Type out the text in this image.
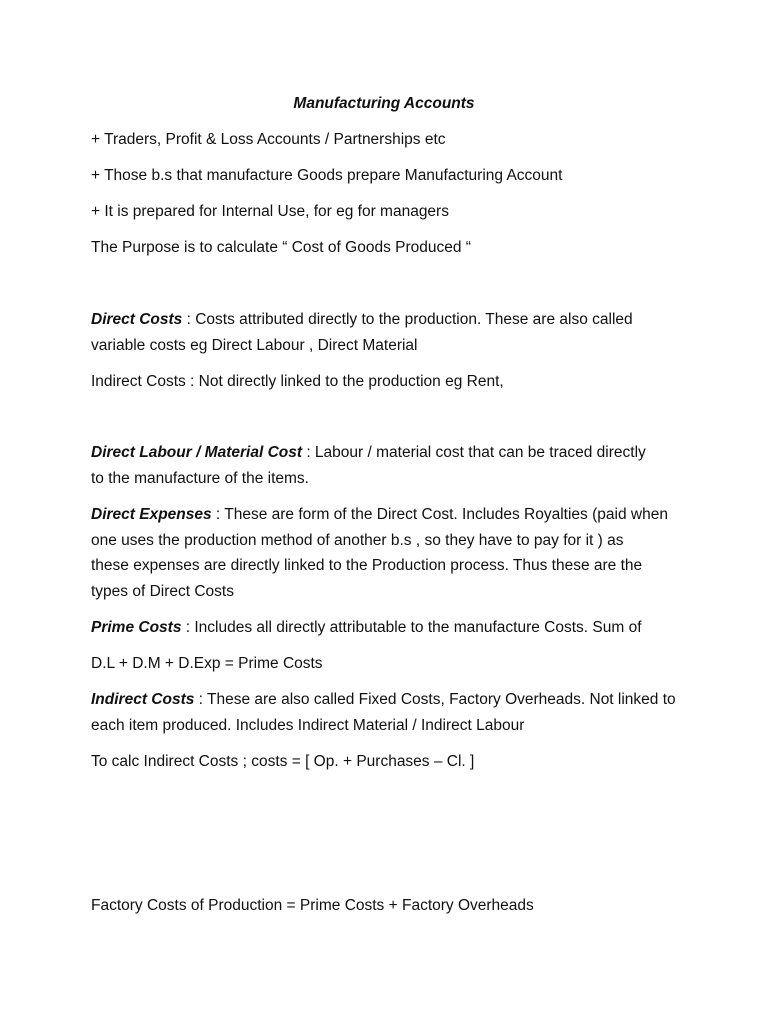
Manufacturing Accounts
+ Traders, Profit & Loss Accounts / Partnerships etc
+ Those b.s that manufacture Goods prepare Manufacturing Account
+ It is prepared for Internal Use, for eg for managers
The Purpose is to calculate “ Cost of Goods Produced “
Direct Costs : Costs attributed directly to the production. These are also called
variable costs eg Direct Labour , Direct Material
Indirect Costs : Not directly linked to the production eg Rent,
Direct Labour / Material Cost : Labour / material cost that can be traced directly
to the manufacture of the items.
Direct Expenses : These are form of the Direct Cost. Includes Royalties (paid when
one uses the production method of another b.s , so they have to pay for it ) as
these expenses are directly linked to the Production process. Thus these are the
types of Direct Costs
Prime Costs : Includes all directly attributable to the manufacture Costs. Sum of
D.L + D.M + D.Exp = Prime Costs
Indirect Costs : These are also called Fixed Costs, Factory Overheads. Not linked to
each item produced. Includes Indirect Material / Indirect Labour
To calc Indirect Costs ; costs = [ Op. + Purchases – Cl. ]
Factory Costs of Production = Prime Costs + Factory Overheads
